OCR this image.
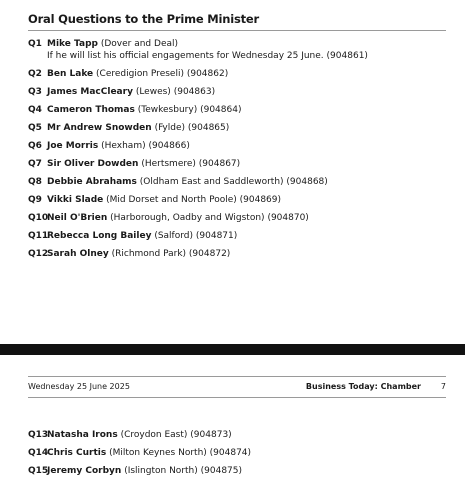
Oral Questions to the Prime Minister
Q1 Mike Tapp (Dover and Deal)
If he will list his official engagements for Wednesday 25 June. (904861)
Q2 Ben Lake (Ceredigion Preseli) (904862)
Q3 James MacCleary (Lewes) (904863)
Q4 Cameron Thomas (Tewkesbury) (904864)
Q5 Mr Andrew Snowden (Fylde) (904865)
Q6 Joe Morris (Hexham) (904866)
Q7 Sir Oliver Dowden (Hertsmere) (904867)
Q8 Debbie Abrahams (Oldham East and Saddleworth) (904868)
Q9 Vikki Slade (Mid Dorset and North Poole) (904869)
Q10
Neil O'Brien (Harborough, Oadby and Wigston) (904870)
Q11
Rebecca Long Bailey (Salford) (904871)
Q12
Sarah Olney (Richmond Park) (904872)
Wednesday 25 June 2025	Business Today: Chamber 7
Q13
Natasha Irons (Croydon East) (904873)
Q14
Chris Curtis (Milton Keynes North) (904874)
Q15
Jeremy Corbyn (Islington North) (904875)
